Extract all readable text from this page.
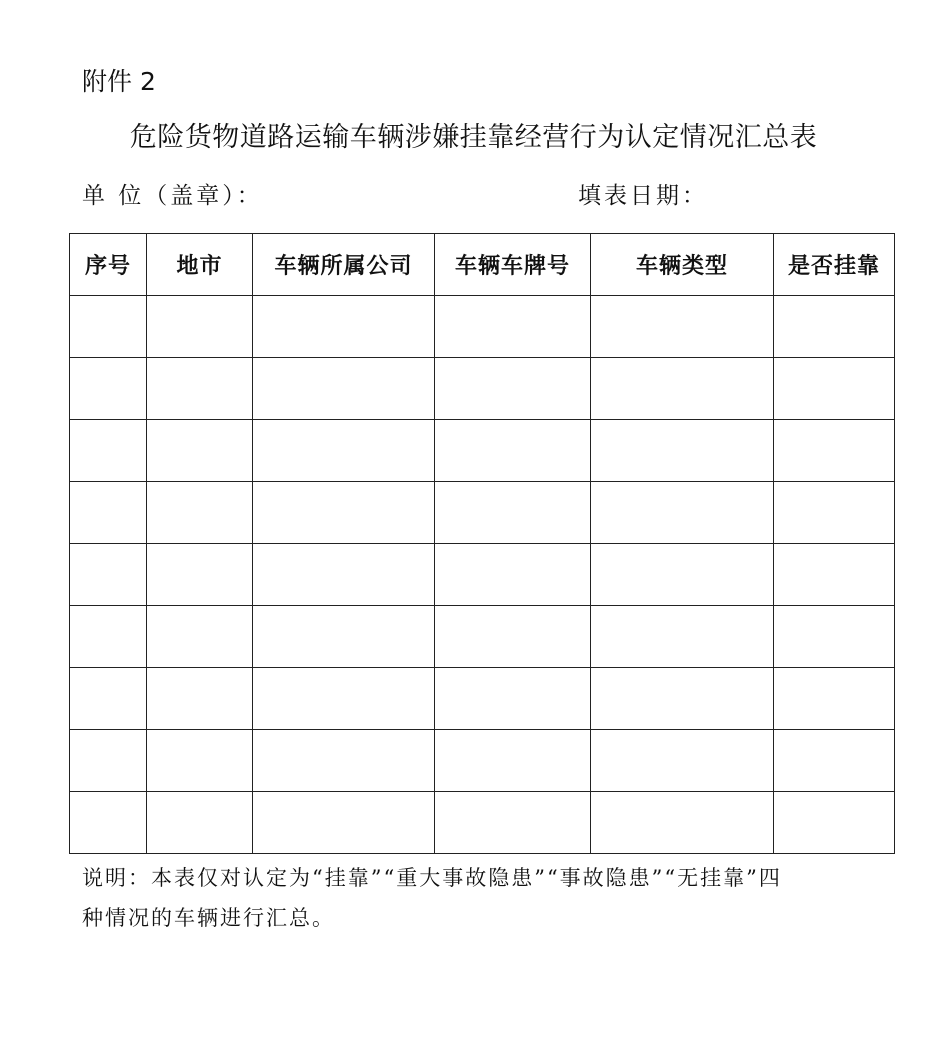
附件 2
危险货物道路运输车辆涉嫌挂靠经营行为认定情况汇总表
单 位（盖章）：	填表日期：
序号	地市	车辆所属公司	车辆车牌号	车辆类型	是否挂靠

说明：本表仅对认定为“挂靠”“重大事故隐患”“事故隐患”“无挂靠”四
种情况的车辆进行汇总。
